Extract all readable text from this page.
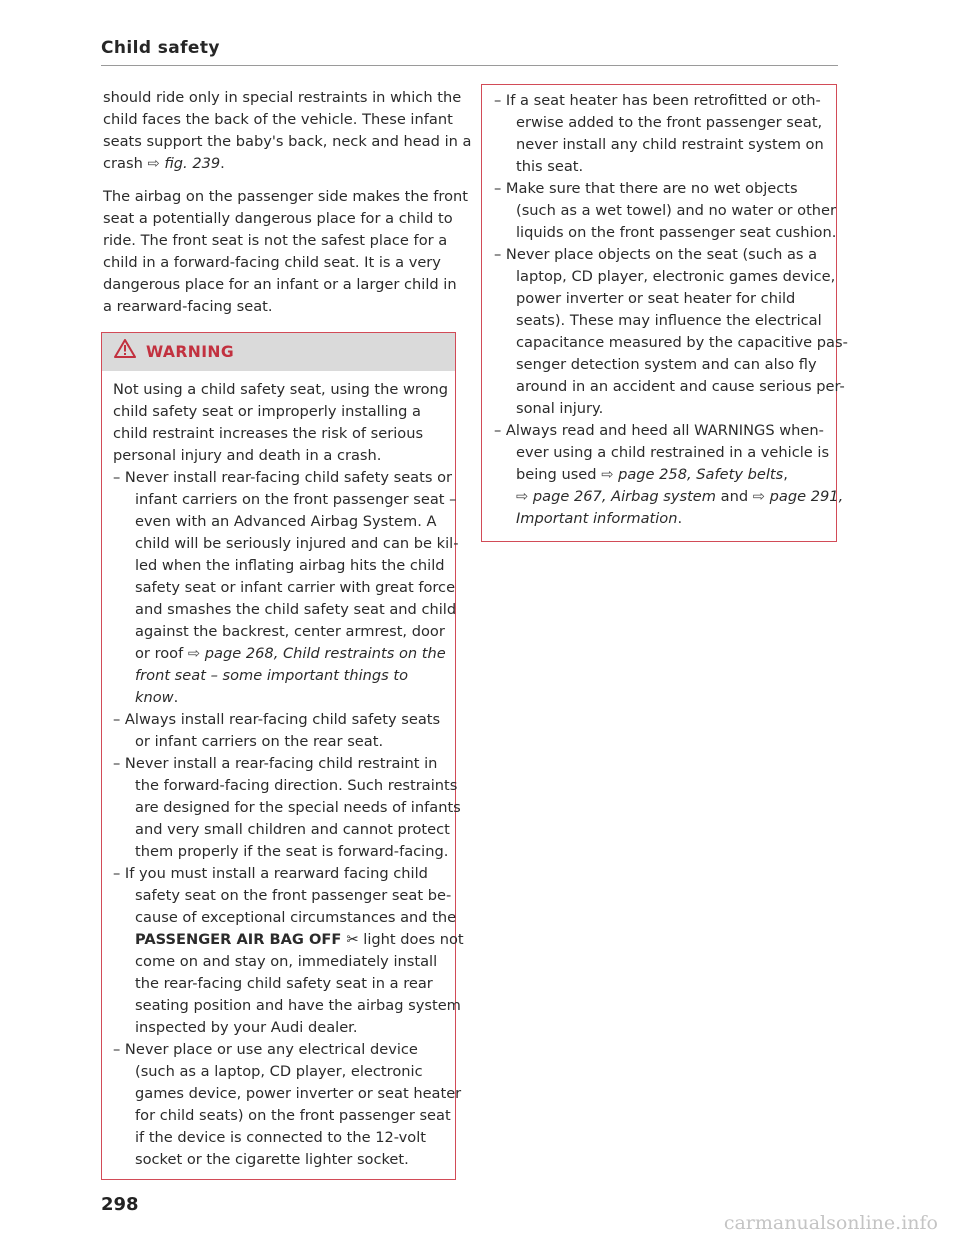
Child safety
should ride only in special restraints in which the
child faces the back of the vehicle. These infant
seats support the baby's back, neck and head in a
crash ⇨ fig. 239.
The airbag on the passenger side makes the front
seat a potentially dangerous place for a child to
ride. The front seat is not the safest place for a
child in a forward-facing child seat. It is a very
dangerous place for an infant or a larger child in
a rearward-facing seat.
WARNING
Not using a child safety seat, using the wrong
child safety seat or improperly installing a
child restraint increases the risk of serious
personal injury and death in a crash.
– Never install rear-facing child safety seats or
infant carriers on the front passenger seat –
even with an Advanced Airbag System. A
child will be seriously injured and can be kil-
led when the inflating airbag hits the child
safety seat or infant carrier with great force
and smashes the child safety seat and child
against the backrest, center armrest, door
or roof ⇨ page 268, Child restraints on the
front seat – some important things to
know.
– Always install rear-facing child safety seats
or infant carriers on the rear seat.
– Never install a rear-facing child restraint in
the forward-facing direction. Such restraints
are designed for the special needs of infants
and very small children and cannot protect
them properly if the seat is forward-facing.
– If you must install a rearward facing child
safety seat on the front passenger seat be-
cause of exceptional circumstances and the
PASSENGER AIR BAG OFF ✂ light does not
come on and stay on, immediately install
the rear-facing child safety seat in a rear
seating position and have the airbag system
inspected by your Audi dealer.
– Never place or use any electrical device
(such as a laptop, CD player, electronic
games device, power inverter or seat heater
for child seats) on the front passenger seat
if the device is connected to the 12-volt
socket or the cigarette lighter socket.
– If a seat heater has been retrofitted or oth-
erwise added to the front passenger seat,
never install any child restraint system on
this seat.
– Make sure that there are no wet objects
(such as a wet towel) and no water or other
liquids on the front passenger seat cushion.
– Never place objects on the seat (such as a
laptop, CD player, electronic games device,
power inverter or seat heater for child
seats). These may influence the electrical
capacitance measured by the capacitive pas-
senger detection system and can also fly
around in an accident and cause serious per-
sonal injury.
– Always read and heed all WARNINGS when-
ever using a child restrained in a vehicle is
being used ⇨ page 258, Safety belts,
⇨ page 267, Airbag system and ⇨ page 291,
Important information.
298
carmanualsonline.info
